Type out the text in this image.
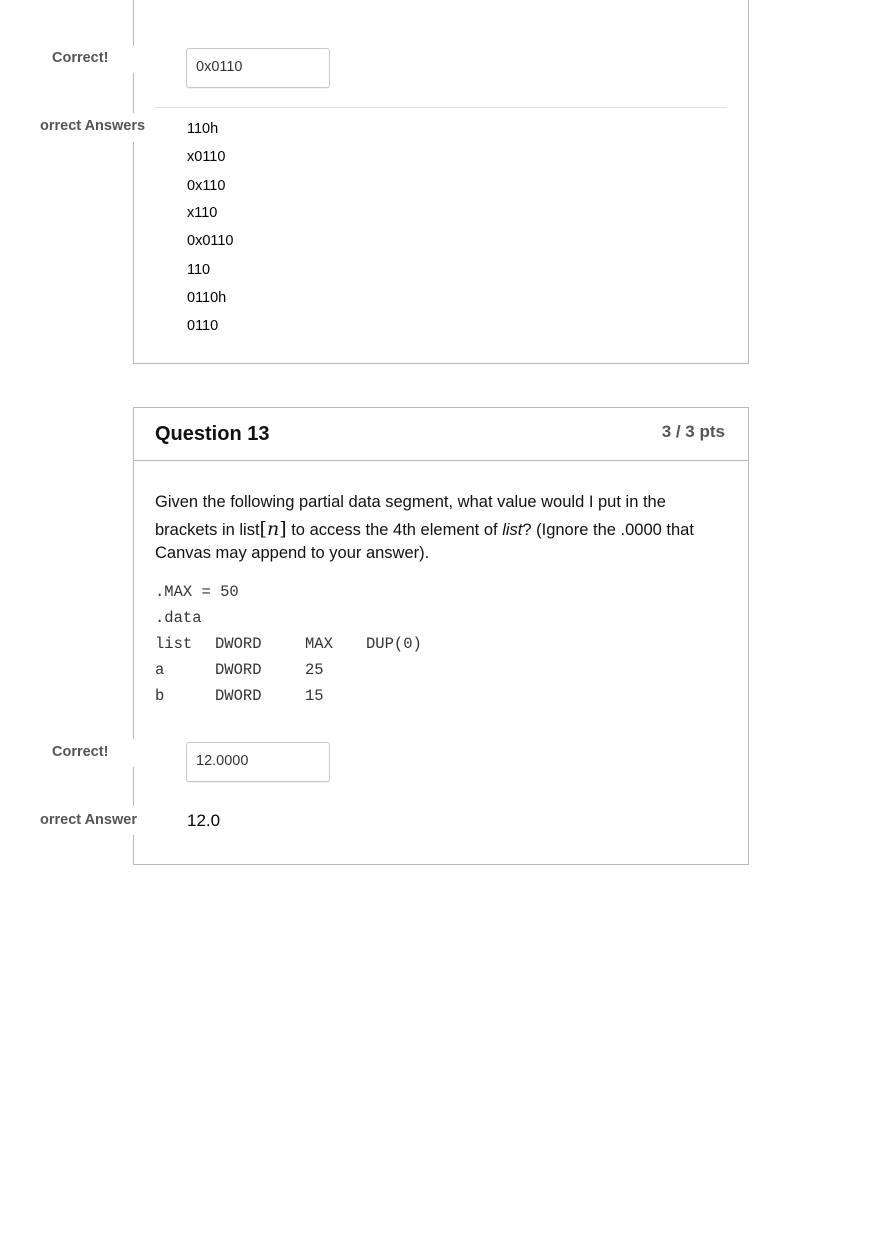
Correct!
0x0110
orrect Answers	110h
x0110
0x110
x110
0x0110
110
0110h
0110
Question 13	3 / 3 pts
Given the following partial data segment, what value would I put in the
brackets in list[n] to access the 4th element of list? (Ignore the .0000 that
Canvas may append to your answer).
.MAX = 50
.data
list DWORD	MAX DUP(0)
a	DWORD	25
b	DWORD	15
Correct!
12.0000
orrect Answer	12.0
